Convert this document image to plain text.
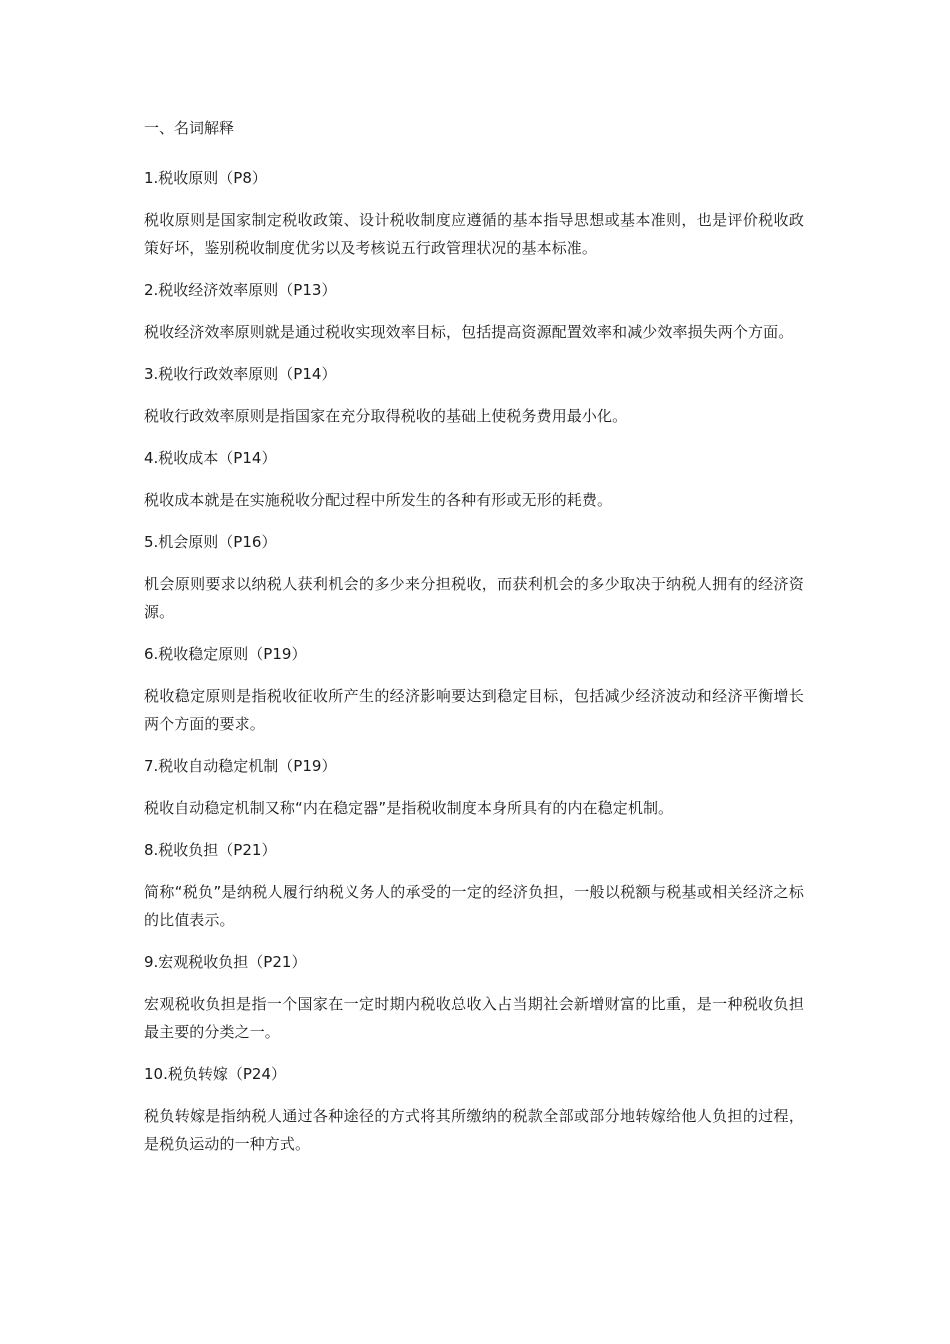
一、名词解释

1.税收原则（P8）

税收原则是国家制定税收政策、设计税收制度应遵循的基本指导思想或基本准则，也是评价税收政策好坏，鉴别税收制度优劣以及考核说五行政管理状况的基本标准。

2.税收经济效率原则（P13）

税收经济效率原则就是通过税收实现效率目标，包括提高资源配置效率和减少效率损失两个方面。

3.税收行政效率原则（P14）

税收行政效率原则是指国家在充分取得税收的基础上使税务费用最小化。

4.税收成本（P14）

税收成本就是在实施税收分配过程中所发生的各种有形或无形的耗费。

5.机会原则（P16）

机会原则要求以纳税人获利机会的多少来分担税收，而获利机会的多少取决于纳税人拥有的经济资源。

6.税收稳定原则（P19）

税收稳定原则是指税收征收所产生的经济影响要达到稳定目标，包括减少经济波动和经济平衡增长两个方面的要求。

7.税收自动稳定机制（P19）

税收自动稳定机制又称“内在稳定器”是指税收制度本身所具有的内在稳定机制。

8.税收负担（P21）

简称“税负”是纳税人履行纳税义务人的承受的一定的经济负担，一般以税额与税基或相关经济之标的比值表示。

9.宏观税收负担（P21）

宏观税收负担是指一个国家在一定时期内税收总收入占当期社会新增财富的比重，是一种税收负担最主要的分类之一。

10.税负转嫁（P24）

税负转嫁是指纳税人通过各种途径的方式将其所缴纳的税款全部或部分地转嫁给他人负担的过程，是税负运动的一种方式。
